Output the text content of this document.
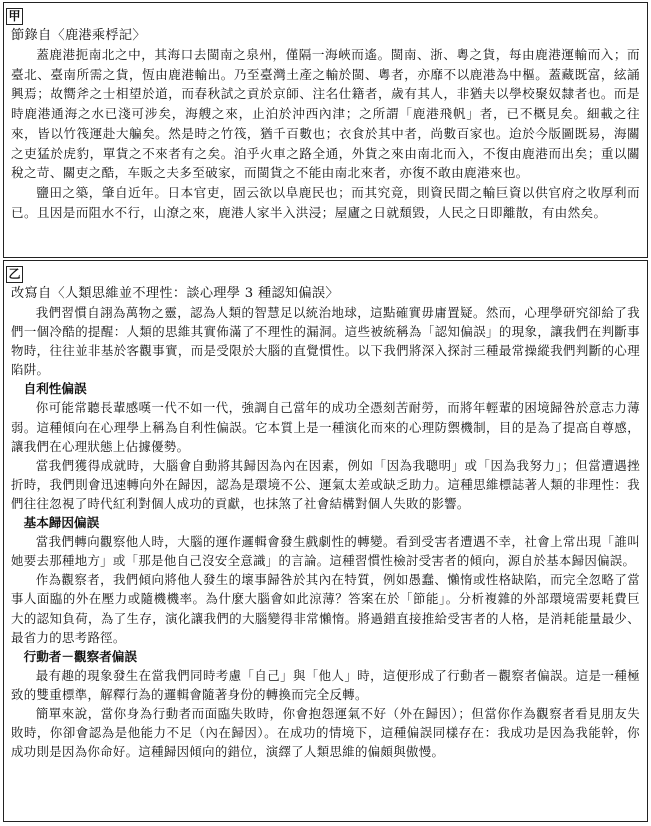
甲

節錄自〈鹿港乘桴記〉

蓋鹿港扼南北之中，其海口去閩南之泉州，僅隔一海峽而遙。閩南、浙、粵之貨，每由鹿港運輸而入；而臺北、臺南所需之貨，恆由鹿港輸出。乃至臺灣土產之輸於閩、粵者，亦靡不以鹿港為中樞。蓋藏既富，絃誦興焉；故嚮斧之士相望於道，而春秋試之貢於京師、注名仕籍者，歲有其人，非猶夫以學校聚奴隸者也。而是時鹿港通海之水已淺可涉矣，海艘之來，止泊於沖西內津；之所謂「鹿港飛帆」者，已不概見矣。細載之往來，皆以竹筏運赴大艑矣。然是時之竹筏，猶千百數也；衣食於其中者，尚數百家也。迨於今版圖既易，海關之吏猛於虎豹，單貨之不來者有之矣。洎乎火車之路全通，外貨之來由南北而入，不復由鹿港而出矣；重以關稅之苛、關吏之酷，车販之夫多至破家，而閩貨之不能由南北來者，亦復不敢由鹿港來也。

鹽田之築，肇自近年。日本官吏，固云欲以阜鹿民也；而其究竟，則資民間之輸巨資以供官府之收厚利而已。且因是而阻水不行，山潦之來，鹿港人家半入洪浸；屋廬之日就頹毀，人民之日即離散，有由然矣。

乙

改寫自〈人類思維並不理性：談心理學 3 種認知偏誤〉

我們習慣自詡為萬物之靈，認為人類的智慧足以統治地球，這點確實毋庸置疑。然而，心理學研究卻給了我們一個冷酷的提醒：人類的思維其實佈滿了不理性的漏洞。這些被統稱為「認知偏誤」的現象，讓我們在判斷事物時，往往並非基於客觀事實，而是受限於大腦的直覺慣性。以下我們將深入探討三種最常操縱我們判斷的心理陷阱。

自利性偏誤

你可能常聽長輩感嘆一代不如一代，強調自己當年的成功全憑刻苦耐勞，而將年輕輩的困境歸咎於意志力薄弱。這種傾向在心理學上稱為自利性偏誤。它本質上是一種演化而來的心理防禦機制，目的是為了提高自尊感，讓我們在心理狀態上佔據優勢。

當我們獲得成就時，大腦會自動將其歸因為內在因素，例如「因為我聰明」或「因為我努力」；但當遭遇挫折時，我們則會迅速轉向外在歸因，認為是環境不公、運氣太差或缺乏助力。這種思維標誌著人類的非理性：我們往往忽視了時代紅利對個人成功的貢獻，也抹煞了社會結構對個人失敗的影響。

基本歸因偏誤

當我們轉向觀察他人時，大腦的運作邏輯會發生戲劇性的轉變。看到受害者遭遇不幸，社會上常出現「誰叫她要去那種地方」或「那是他自己沒安全意識」的言論。這種習慣性檢討受害者的傾向，源自於基本歸因偏誤。

作為觀察者，我們傾向將他人發生的壞事歸咎於其內在特質，例如愚蠢、懶惰或性格缺陷，而完全忽略了當事人面臨的外在壓力或隨機機率。為什麼大腦會如此涼薄？答案在於「節能」。分析複雜的外部環境需要耗費巨大的認知負荷，為了生存，演化讓我們的大腦變得非常懶惰。將過錯直接推給受害者的人格，是消耗能量最少、最省力的思考路徑。

行動者－觀察者偏誤

最有趣的現象發生在當我們同時考慮「自己」與「他人」時，這便形成了行動者－觀察者偏誤。這是一種極致的雙重標準，解釋行為的邏輯會隨著身份的轉換而完全反轉。

簡單來說，當你身為行動者而面臨失敗時，你會抱怨運氣不好（外在歸因）；但當你作為觀察者看見朋友失敗時，你卻會認為是他能力不足（內在歸因）。在成功的情境下，這種偏誤同樣存在：我成功是因為我能幹，你成功則是因為你命好。這種歸因傾向的錯位，演繹了人類思維的偏頗與傲慢。
